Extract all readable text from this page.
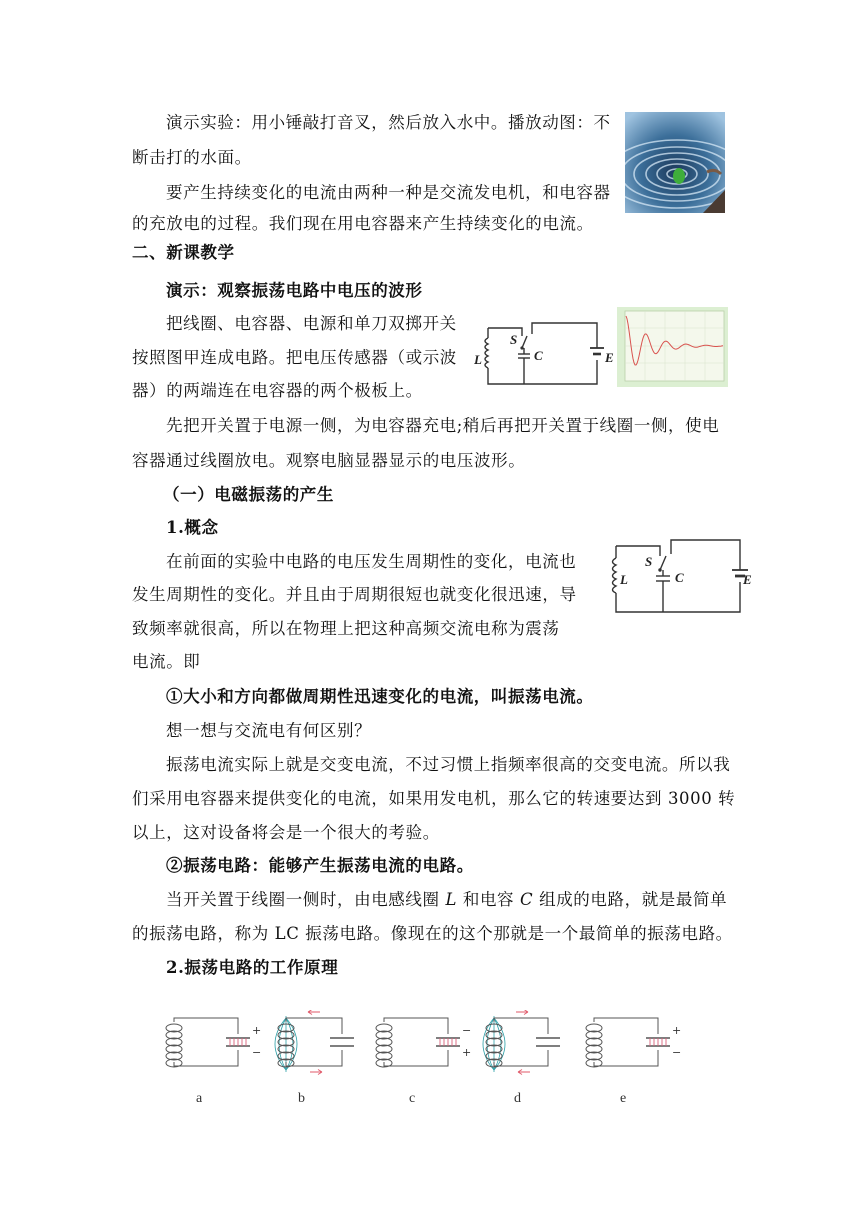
演示实验：用小锤敲打音叉，然后放入水中。播放动图：不
断击打的水面。
要产生持续变化的电流由两种一种是交流发电机，和电容器
的充放电的过程。我们现在用电容器来产生持续变化的电流。
二、新课教学
演示：观察振荡电路中电压的波形
把线圈、电容器、电源和单刀双掷开关
按照图甲连成电路。把电压传感器（或示波
器）的两端连在电容器的两个极板上。
L
S
C	E
先把开关置于电源一侧，为电容器充电;稍后再把开关置于线圈一侧，使电
容器通过线圈放电。观察电脑显器显示的电压波形。
（一）电磁振荡的产生
1.概念
在前面的实验中电路的电压发生周期性的变化，电流也
发生周期性的变化。并且由于周期很短也就变化很迅速，导
致频率就很高，所以在物理上把这种高频交流电称为震荡
电流。即
L
S
C	E
①大小和方向都做周期性迅速变化的电流，叫振荡电流。
想一想与交流电有何区别？
振荡电流实际上就是交变电流，不过习惯上指频率很高的交变电流。所以我
们采用电容器来提供变化的电流，如果用发电机，那么它的转速要达到 3000 转
以上，这对设备将会是一个很大的考验。
②振荡电路：能够产生振荡电流的电路。
当开关置于线圈一侧时，由电感线圈 L 和电容 C 组成的电路，就是最简单
的振荡电路，称为 LC 振荡电路。像现在的这个那就是一个最简单的振荡电路。
2.振荡电路的工作原理
+
−
−
+
+
−
a	b	c	d	e
